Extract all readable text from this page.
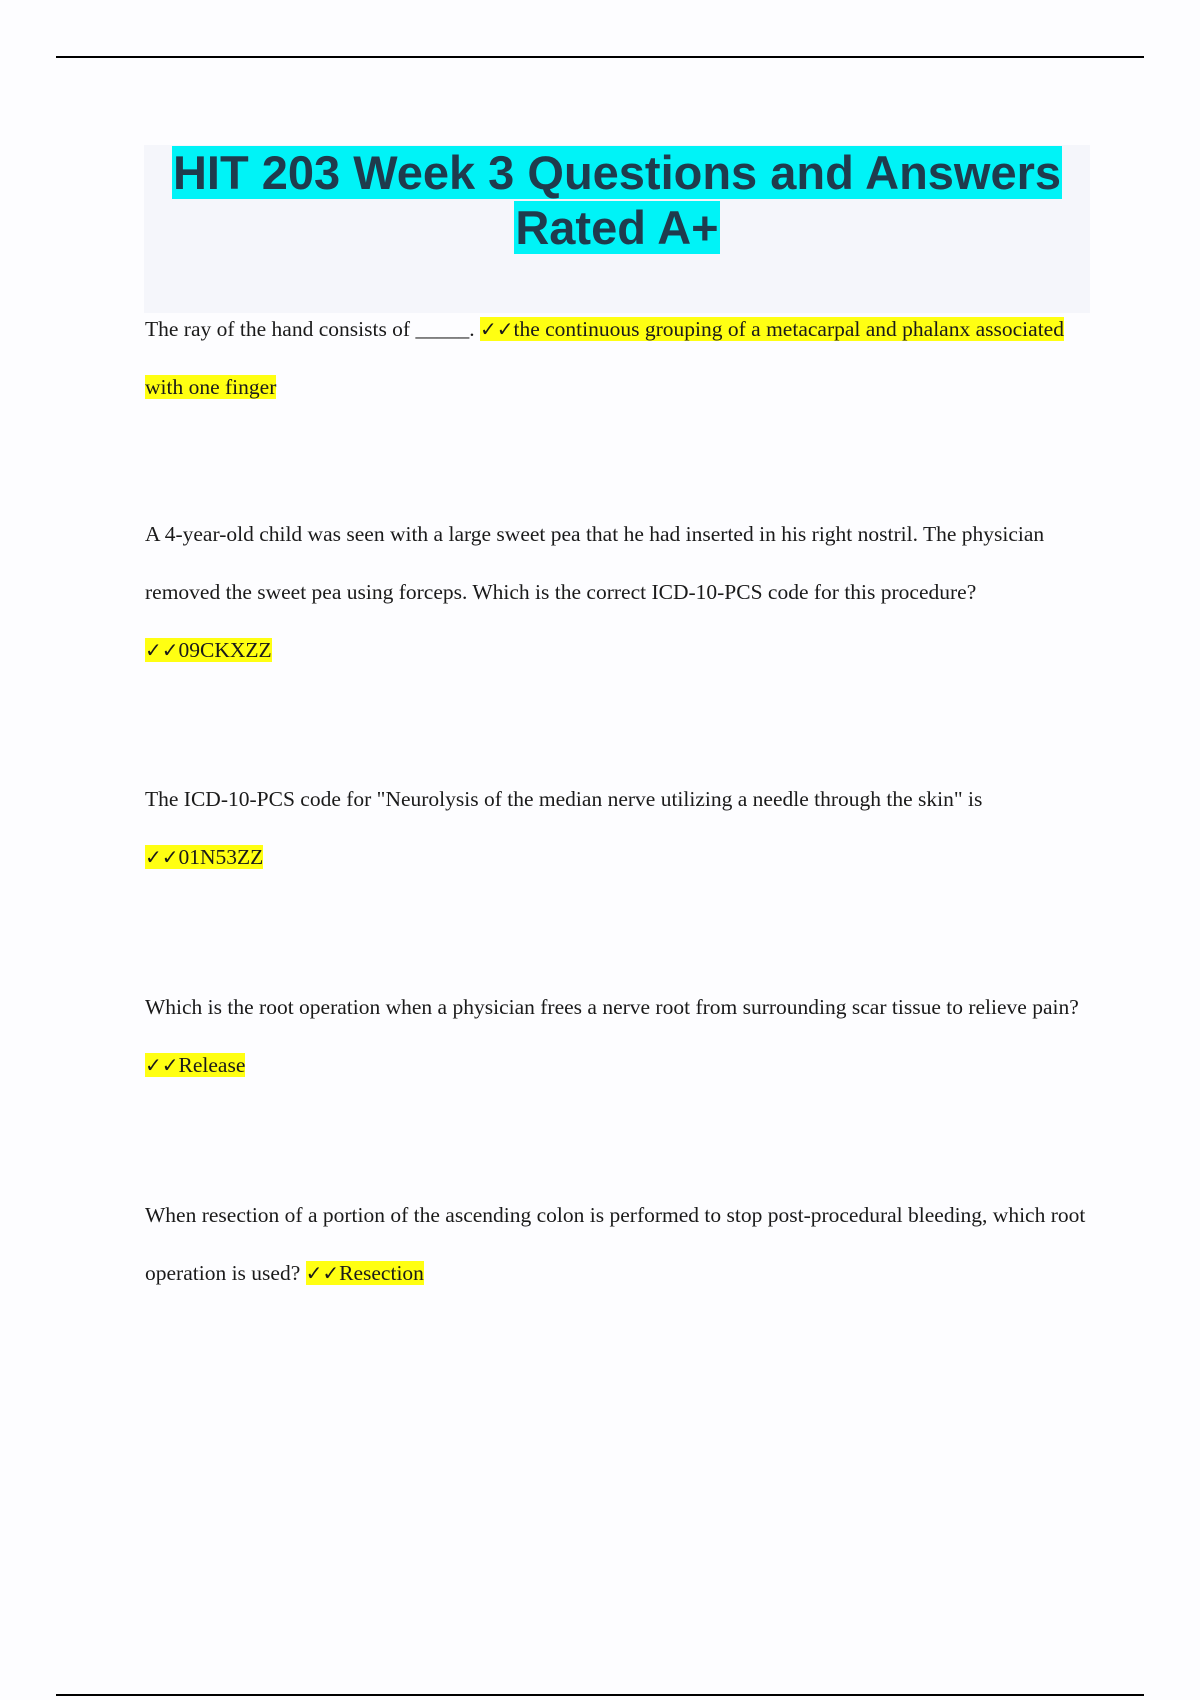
HIT 203 Week 3 Questions and Answers
Rated A+

The ray of the hand consists of _____. ✓✓the continuous grouping of a metacarpal and phalanx associated with one finger

A 4-year-old child was seen with a large sweet pea that he had inserted in his right nostril. The physician removed the sweet pea using forceps. Which is the correct ICD-10-PCS code for this procedure? ✓✓09CKXZZ

The ICD-10-PCS code for "Neurolysis of the median nerve utilizing a needle through the skin" is ✓✓01N53ZZ

Which is the root operation when a physician frees a nerve root from surrounding scar tissue to relieve pain? ✓✓Release

When resection of a portion of the ascending colon is performed to stop post-procedural bleeding, which root operation is used? ✓✓Resection
